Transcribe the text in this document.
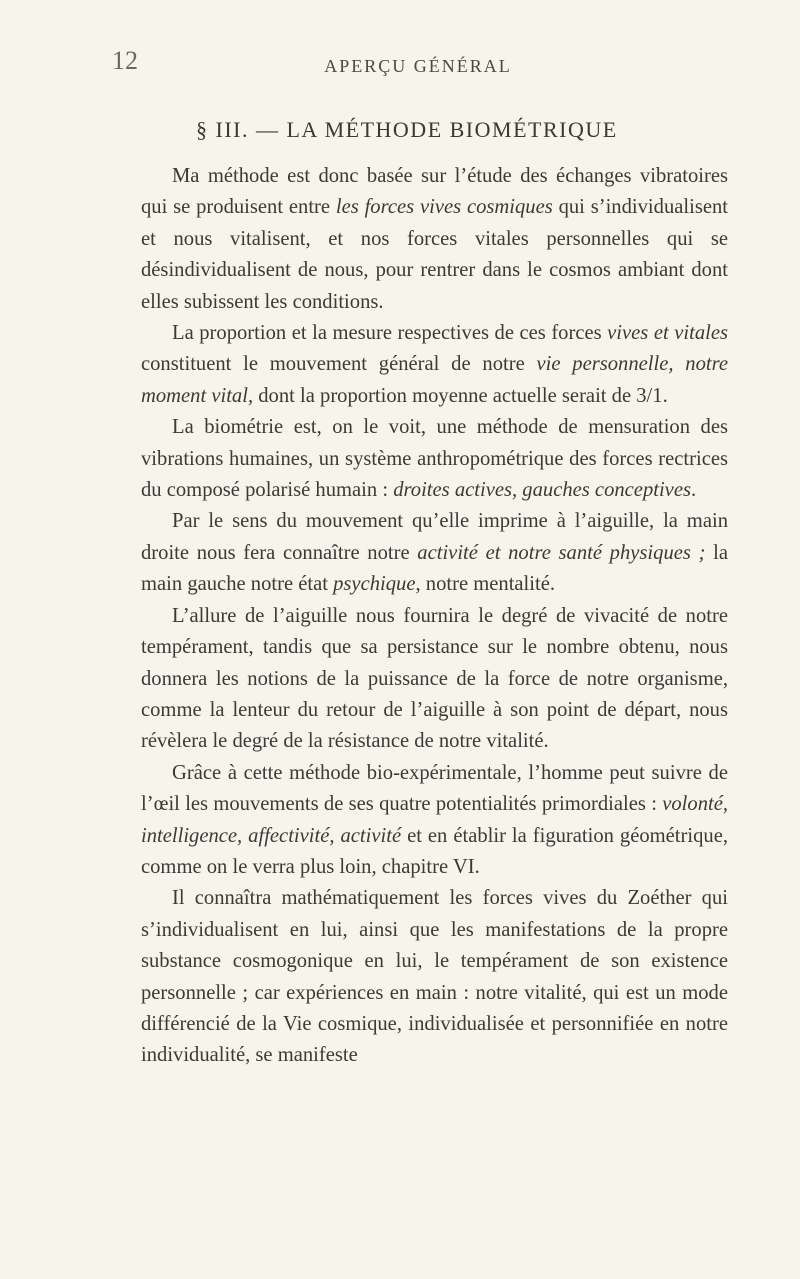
12	APERÇU GÉNÉRAL
§ III. — LA MÉTHODE BIOMÉTRIQUE

Ma méthode est donc basée sur l’étude des échanges vibratoires qui se produisent entre les forces vives cosmiques qui s’individualisent et nous vitalisent, et nos forces vitales personnelles qui se désindividualisent de nous, pour rentrer dans le cosmos ambiant dont elles subissent les conditions.

La proportion et la mesure respectives de ces forces vives et vitales constituent le mouvement général de notre vie personnelle, notre moment vital, dont la proportion moyenne actuelle serait de 3/1.

La biométrie est, on le voit, une méthode de mensuration des vibrations humaines, un système anthropométrique des forces rectrices du composé polarisé humain : droites actives, gauches conceptives.

Par le sens du mouvement qu’elle imprime à l’aiguille, la main droite nous fera connaître notre activité et notre santé physiques ; la main gauche notre état psychique, notre mentalité.

L’allure de l’aiguille nous fournira le degré de vivacité de notre tempérament, tandis que sa persistance sur le nombre obtenu, nous donnera les notions de la puissance de la force de notre organisme, comme la lenteur du retour de l’aiguille à son point de départ, nous révèlera le degré de la résistance de notre vitalité.

Grâce à cette méthode bio-expérimentale, l’homme peut suivre de l’œil les mouvements de ses quatre potentialités primordiales : volonté, intelligence, affectivité, activité et en établir la figuration géométrique, comme on le verra plus loin, chapitre VI.

Il connaîtra mathématiquement les forces vives du Zoéther qui s’individualisent en lui, ainsi que les manifestations de la propre substance cosmogonique en lui, le tempérament de son existence personnelle ; car expériences en main : notre vitalité, qui est un mode différencié de la Vie cosmique, individualisée et personnifiée en notre individualité, se manifeste
